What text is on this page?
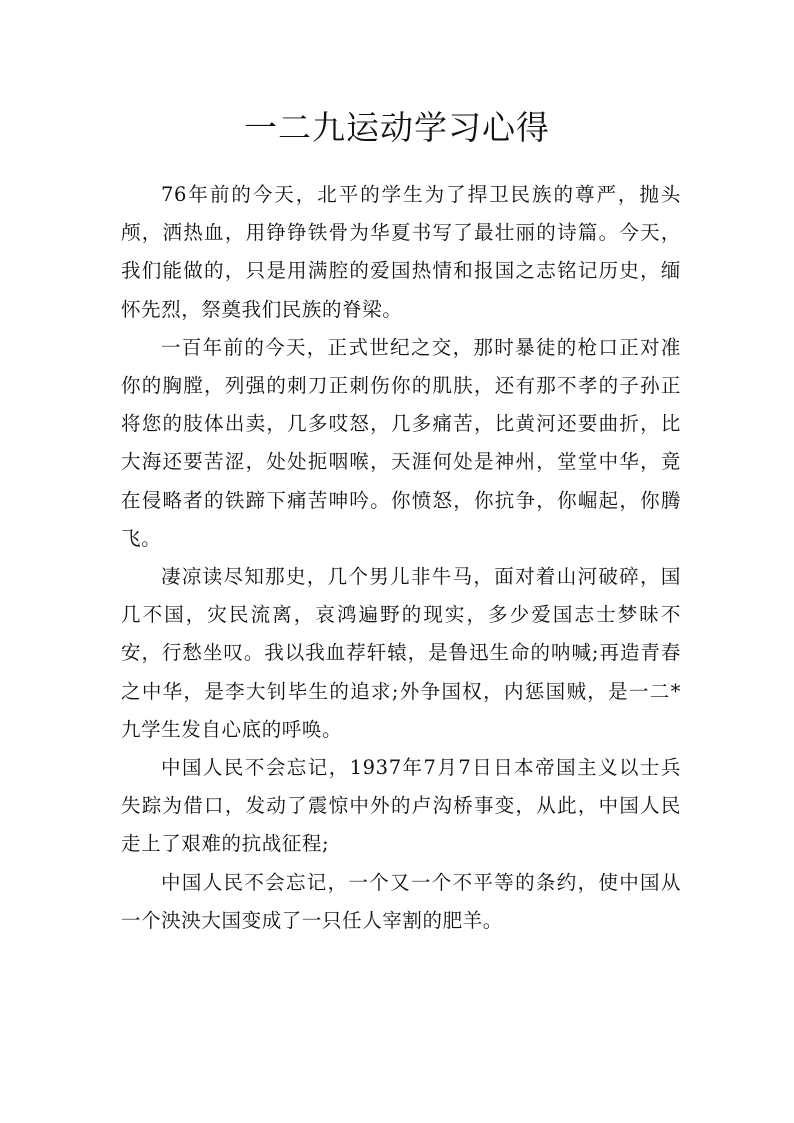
一二九运动学习心得

76年前的今天，北平的学生为了捍卫民族的尊严，抛头颅，洒热血，用铮铮铁骨为华夏书写了最壮丽的诗篇。今天，我们能做的，只是用满腔的爱国热情和报国之志铭记历史，缅怀先烈，祭奠我们民族的脊梁。

一百年前的今天，正式世纪之交，那时暴徒的枪口正对准你的胸膛，列强的刺刀正刺伤你的肌肤，还有那不孝的子孙正将您的肢体出卖，几多哎怒，几多痛苦，比黄河还要曲折，比大海还要苦涩，处处扼咽喉，天涯何处是神州，堂堂中华，竟在侵略者的铁蹄下痛苦呻吟。你愤怒，你抗争，你崛起，你腾飞。

凄凉读尽知那史，几个男儿非牛马，面对着山河破碎，国几不国，灾民流离，哀鸿遍野的现实，多少爱国志士梦昧不安，行愁坐叹。我以我血荐轩辕，是鲁迅生命的呐喊;再造青春之中华，是李大钊毕生的追求;外争国权，内惩国贼，是一二*九学生发自心底的呼唤。

中国人民不会忘记，1937年7月7日日本帝国主义以士兵失踪为借口，发动了震惊中外的卢沟桥事变，从此，中国人民走上了艰难的抗战征程;

中国人民不会忘记，一个又一个不平等的条约，使中国从一个泱泱大国变成了一只任人宰割的肥羊。
